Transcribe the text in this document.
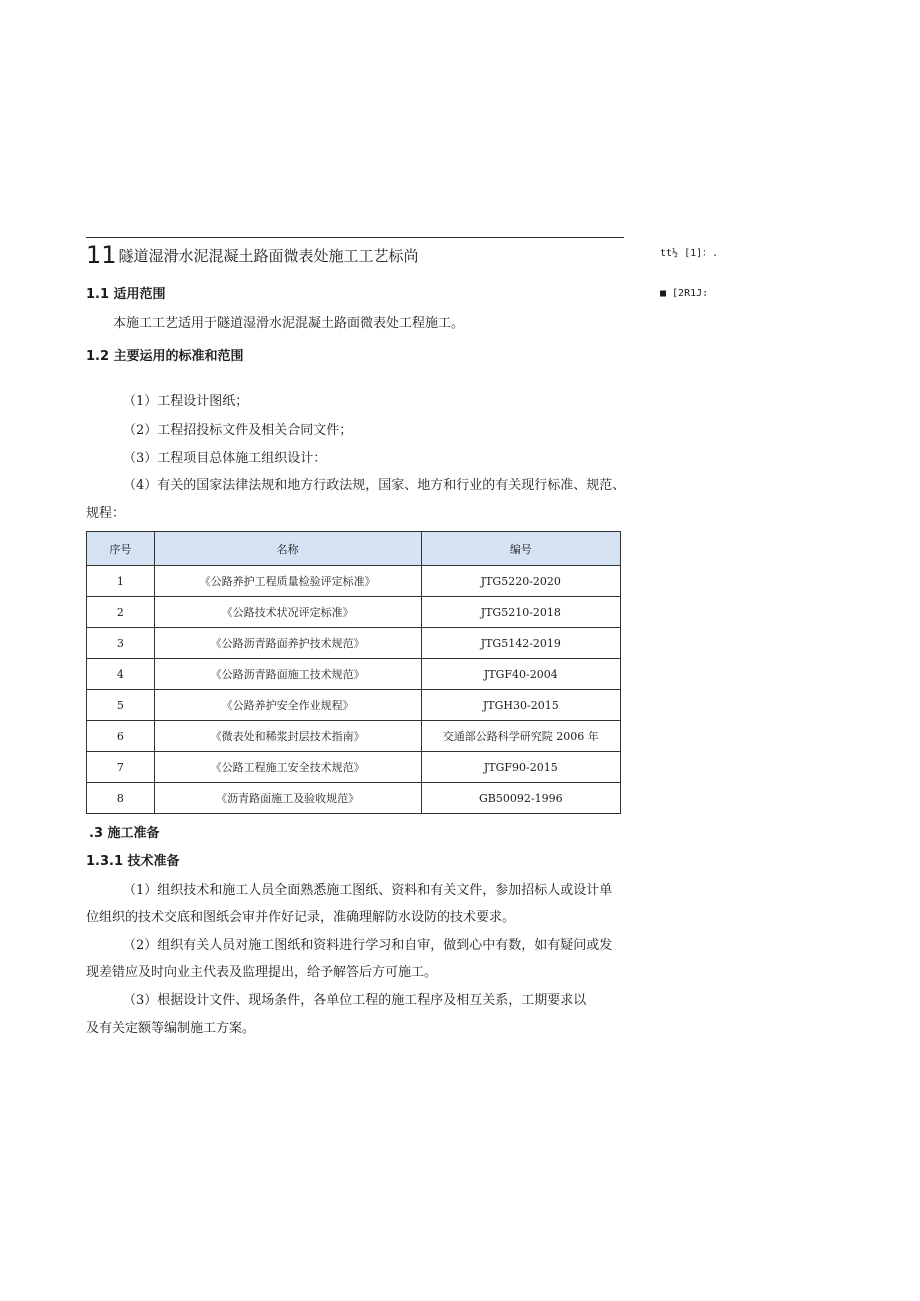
11 隧道湿滑水泥混凝土路面微表处施工工艺标尚	tt½ [1]：.
■ [2R1J:
1.1 适用范围
本施工工艺适用于隧道湿滑水泥混凝土路面微表处工程施工。
1.2 主要运用的标准和范围
（1）工程设计图纸；
（2）工程招投标文件及相关合同文件；
（3）工程项目总体施工组织设计：
（4）有关的国家法律法规和地方行政法规，国家、地方和行业的有关现行标准、规范、
规程：
序号	名称	编号
1	《公路养护工程质量检验评定标准》	JTG5220-2020
2	《公路技术状况评定标准》	JTG5210-2018
3	《公路沥青路面养护技术规范》	JTG5142-2019
4	《公路沥青路面施工技术规范》	JTGF40-2004
5	《公路养护安全作业规程》	JTGH30-2015
6	《微表处和稀浆封层技术指南》	交通部公路科学研究院 2006 年
7	《公路工程施工安全技术规范》	JTGF90-2015
8	《沥青路面施工及验收规范》	GB50092-1996
.3 施工准备
1.3.1 技术准备
（1）组织技术和施工人员全面熟悉施工图纸、资料和有关文件，参加招标人或设计单
位组织的技术交底和图纸会审并作好记录，准确理解防水设防的技术要求。
（2）组织有关人员对施工图纸和资料进行学习和自审，做到心中有数，如有疑问或发
现差错应及时向业主代表及监理提出，给予解答后方可施工。
（3）根据设计文件、现场条件，各单位工程的施工程序及相互关系，工期要求以
及有关定额等编制施工方案。
